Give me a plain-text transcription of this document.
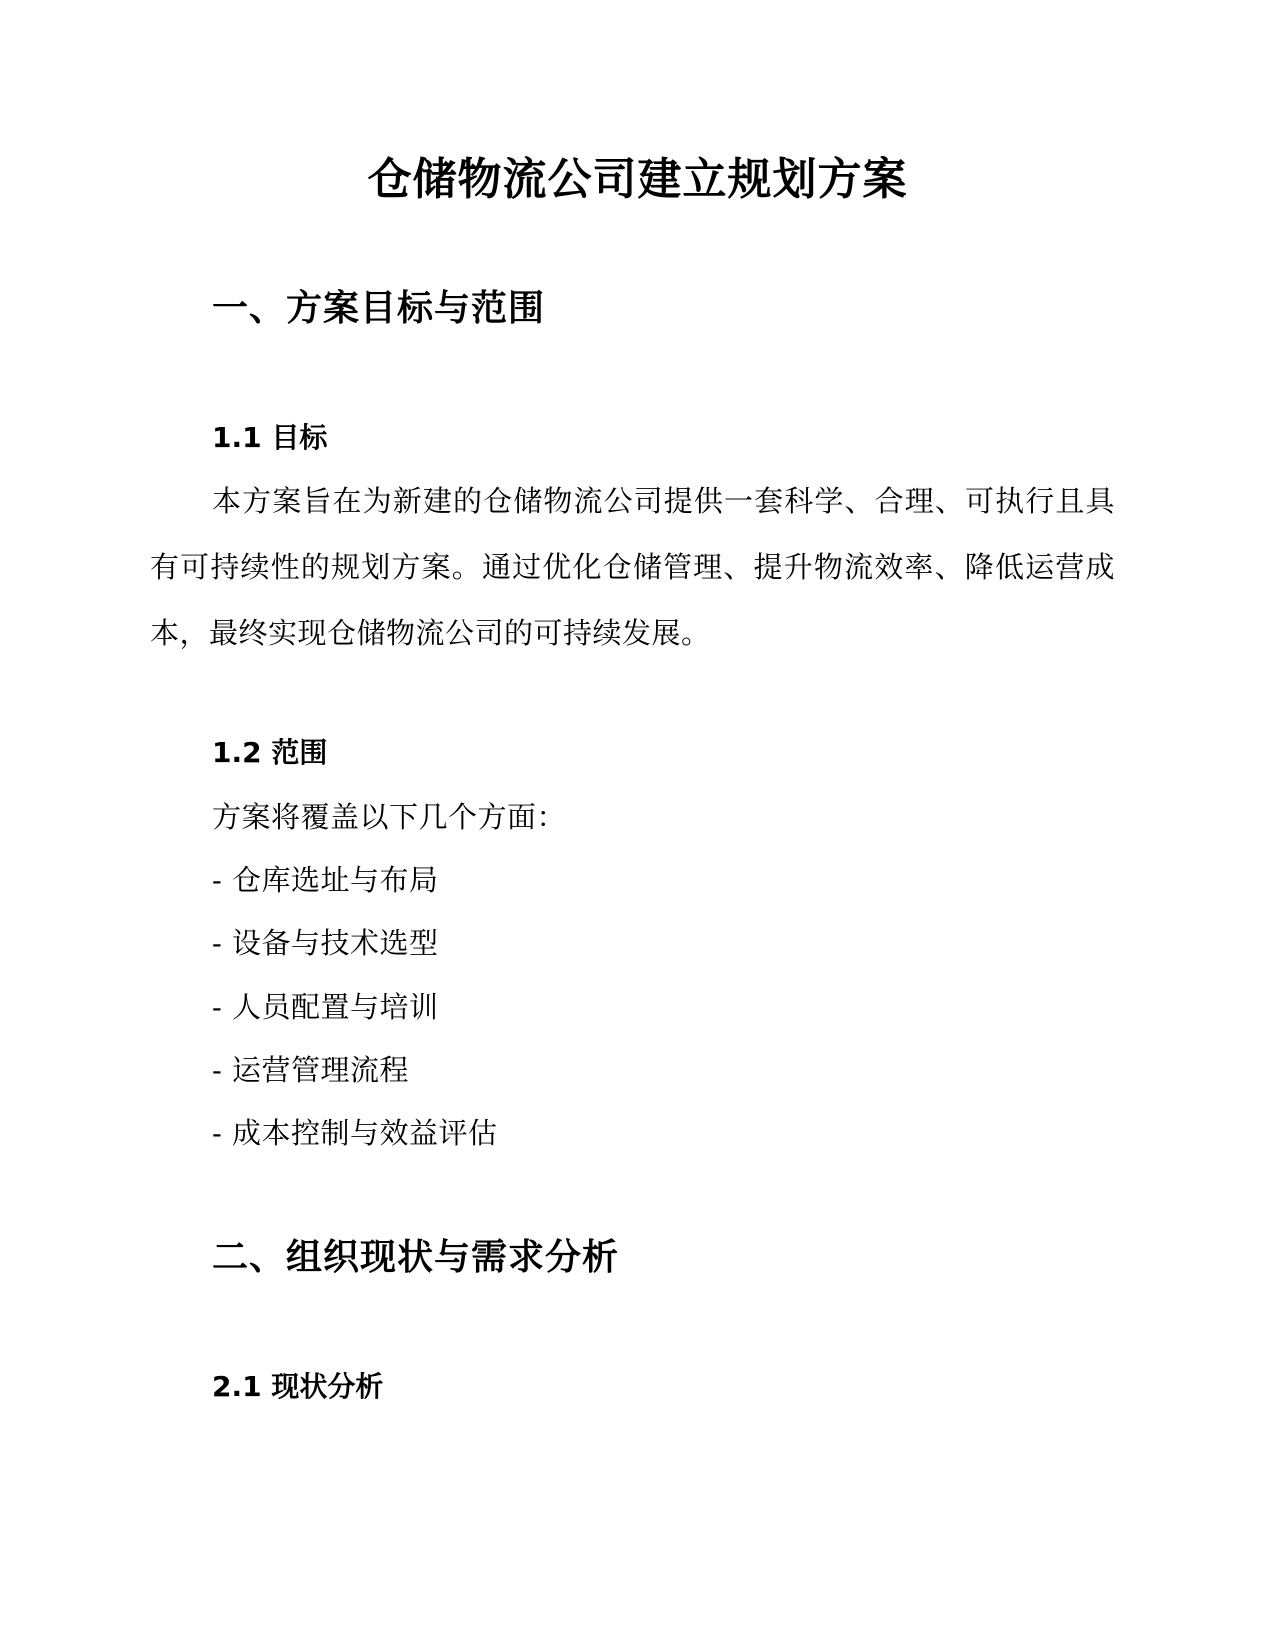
仓储物流公司建立规划方案
一、方案目标与范围
1.1 目标
本方案旨在为新建的仓储物流公司提供一套科学、合理、可执行且具有可持续性的规划方案。通过优化仓储管理、提升物流效率、降低运营成本，最终实现仓储物流公司的可持续发展。
1.2 范围
方案将覆盖以下几个方面：
- 仓库选址与布局
- 设备与技术选型
- 人员配置与培训
- 运营管理流程
- 成本控制与效益评估
二、组织现状与需求分析
2.1 现状分析
